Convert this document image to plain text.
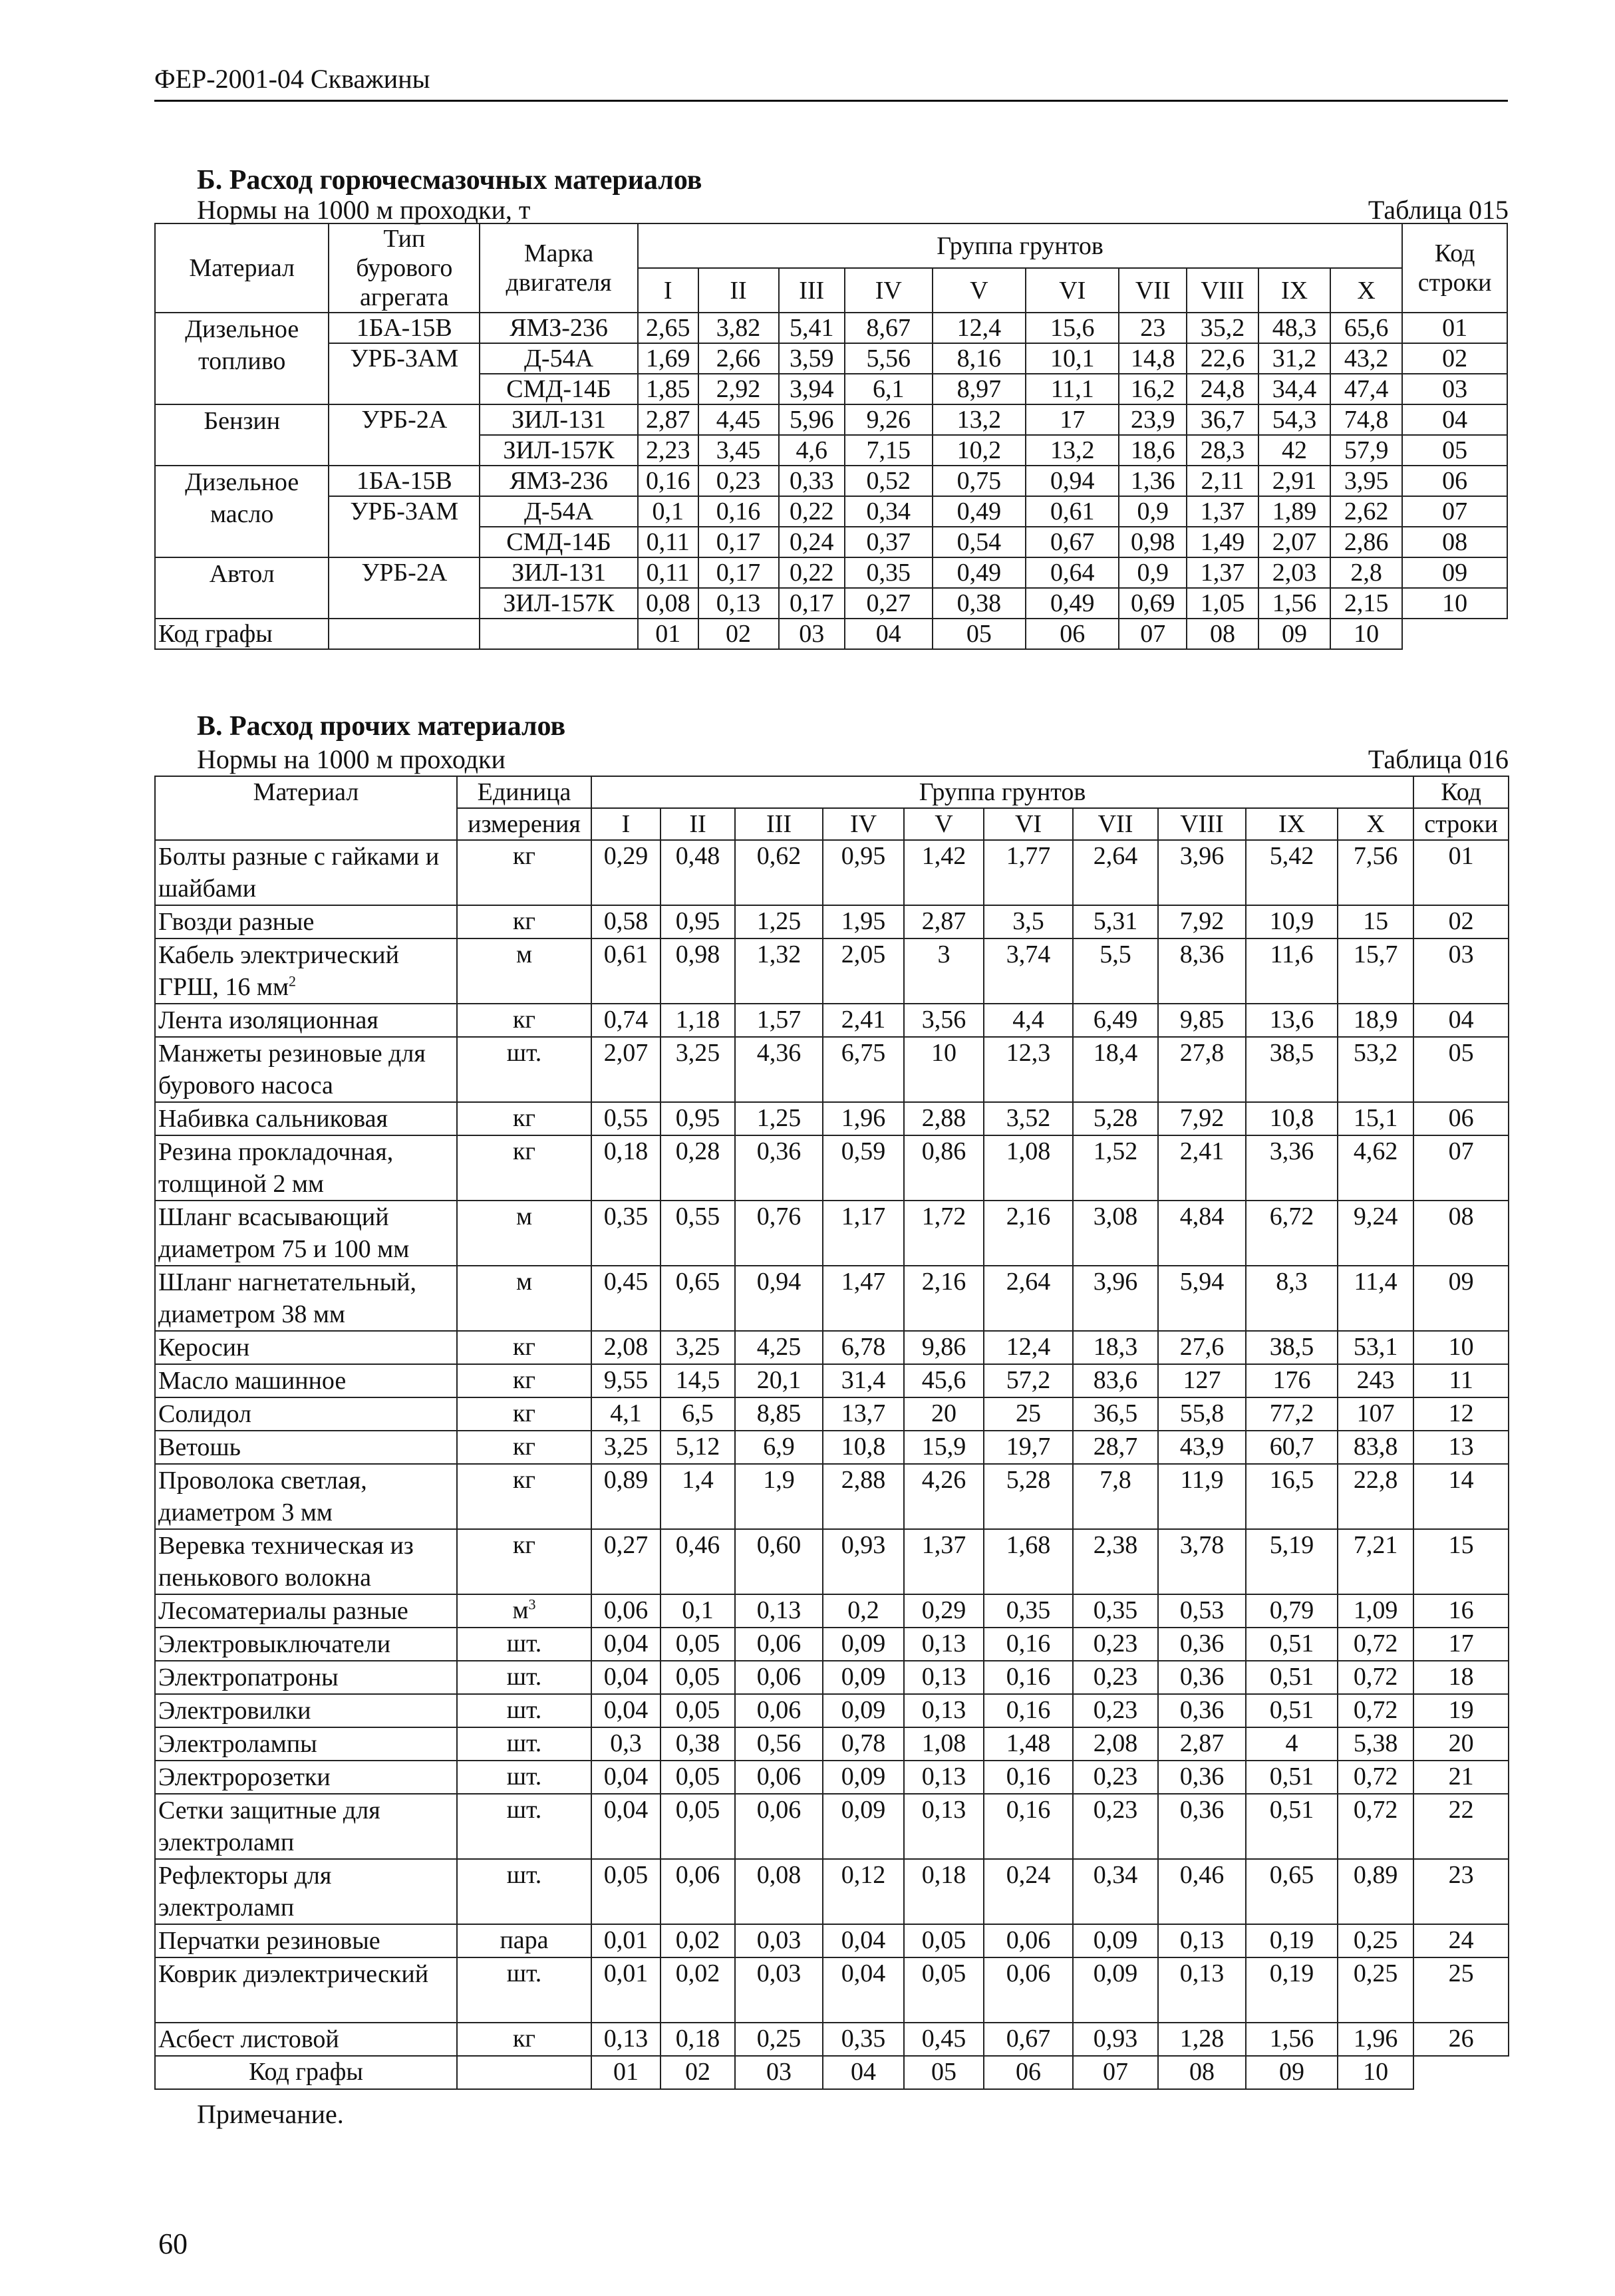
ФЕР-2001-04 Скважины
Б. Расход горючесмазочных материалов
Нормы на 1000 м проходки, т	Таблица 015
Материал	Тип бурового агрегата	Марка двигателя	Группа грунтов										Код строки
			I	II	III	IV	V	VI	VII	VIII	IX	X	
Дизельное топливо	1БА-15В	ЯМЗ-236	2,65	3,82	5,41	8,67	12,4	15,6	23	35,2	48,3	65,6	01
	УРБ-3АМ	Д-54А	1,69	2,66	3,59	5,56	8,16	10,1	14,8	22,6	31,2	43,2	02
		СМД-14Б	1,85	2,92	3,94	6,1	8,97	11,1	16,2	24,8	34,4	47,4	03
Бензин	УРБ-2А	ЗИЛ-131	2,87	4,45	5,96	9,26	13,2	17	23,9	36,7	54,3	74,8	04
		ЗИЛ-157К	2,23	3,45	4,6	7,15	10,2	13,2	18,6	28,3	42	57,9	05
Дизельное масло	1БА-15В	ЯМЗ-236	0,16	0,23	0,33	0,52	0,75	0,94	1,36	2,11	2,91	3,95	06
	УРБ-3АМ	Д-54А	0,1	0,16	0,22	0,34	0,49	0,61	0,9	1,37	1,89	2,62	07
		СМД-14Б	0,11	0,17	0,24	0,37	0,54	0,67	0,98	1,49	2,07	2,86	08
Автол	УРБ-2А	ЗИЛ-131	0,11	0,17	0,22	0,35	0,49	0,64	0,9	1,37	2,03	2,8	09
		ЗИЛ-157К	0,08	0,13	0,17	0,27	0,38	0,49	0,69	1,05	1,56	2,15	10
Код графы			01	02	03	04	05	06	07	08	09	10	
В. Расход прочих материалов
Нормы на 1000 м проходки	Таблица 016
Материал	Единица	Группа грунтов										Код
	измерения	I	II	III	IV	V	VI	VII	VIII	IX	X	строки
Болты разные с гайками и шайбами	кг	0,29	0,48	0,62	0,95	1,42	1,77	2,64	3,96	5,42	7,56	01
Гвозди разные	кг	0,58	0,95	1,25	1,95	2,87	3,5	5,31	7,92	10,9	15	02
Кабель электрический ГРШ, 16 $мм^2$	м	0,61	0,98	1,32	2,05	3	3,74	5,5	8,36	11,6	15,7	03
Лента изоляционная	кг	0,74	1,18	1,57	2,41	3,56	4,4	6,49	9,85	13,6	18,9	04
Манжеты резиновые для бурового насоса	шт.	2,07	3,25	4,36	6,75	10	12,3	18,4	27,8	38,5	53,2	05
Набивка сальниковая	кг	0,55	0,95	1,25	1,96	2,88	3,52	5,28	7,92	10,8	15,1	06
Резина прокладочная, толщиной 2 мм	кг	0,18	0,28	0,36	0,59	0,86	1,08	1,52	2,41	3,36	4,62	07
Шланг всасывающий диаметром 75 и 100 мм	м	0,35	0,55	0,76	1,17	1,72	2,16	3,08	4,84	6,72	9,24	08
Шланг нагнетательный, диаметром 38 мм	м	0,45	0,65	0,94	1,47	2,16	2,64	3,96	5,94	8,3	11,4	09
Керосин	кг	2,08	3,25	4,25	6,78	9,86	12,4	18,3	27,6	38,5	53,1	10
Масло машинное	кг	9,55	14,5	20,1	31,4	45,6	57,2	83,6	127	176	243	11
Солидол	кг	4,1	6,5	8,85	13,7	20	25	36,5	55,8	77,2	107	12
Ветошь	кг	3,25	5,12	6,9	10,8	15,9	19,7	28,7	43,9	60,7	83,8	13
Проволока светлая, диаметром 3 мм	кг	0,89	1,4	1,9	2,88	4,26	5,28	7,8	11,9	16,5	22,8	14
Веревка техническая из пенькового волокна	кг	0,27	0,46	0,60	0,93	1,37	1,68	2,38	3,78	5,19	7,21	15
Лесоматериалы разные	$м^3$	0,06	0,1	0,13	0,2	0,29	0,35	0,35	0,53	0,79	1,09	16
Электровыключатели	шт.	0,04	0,05	0,06	0,09	0,13	0,16	0,23	0,36	0,51	0,72	17
Электропатроны	шт.	0,04	0,05	0,06	0,09	0,13	0,16	0,23	0,36	0,51	0,72	18
Электровилки	шт.	0,04	0,05	0,06	0,09	0,13	0,16	0,23	0,36	0,51	0,72	19
Электролампы	шт.	0,3	0,38	0,56	0,78	1,08	1,48	2,08	2,87	4	5,38	20
Электророзетки	шт.	0,04	0,05	0,06	0,09	0,13	0,16	0,23	0,36	0,51	0,72	21
Сетки защитные для электроламп	шт.	0,04	0,05	0,06	0,09	0,13	0,16	0,23	0,36	0,51	0,72	22
Рефлекторы для электроламп	шт.	0,05	0,06	0,08	0,12	0,18	0,24	0,34	0,46	0,65	0,89	23
Перчатки резиновые	пара	0,01	0,02	0,03	0,04	0,05	0,06	0,09	0,13	0,19	0,25	24
Коврик диэлектрический	шт.	0,01	0,02	0,03	0,04	0,05	0,06	0,09	0,13	0,19	0,25	25
Асбест листовой	кг	0,13	0,18	0,25	0,35	0,45	0,67	0,93	1,28	1,56	1,96	26
Код графы		01	02	03	04	05	06	07	08	09	10	
Примечание.
60
